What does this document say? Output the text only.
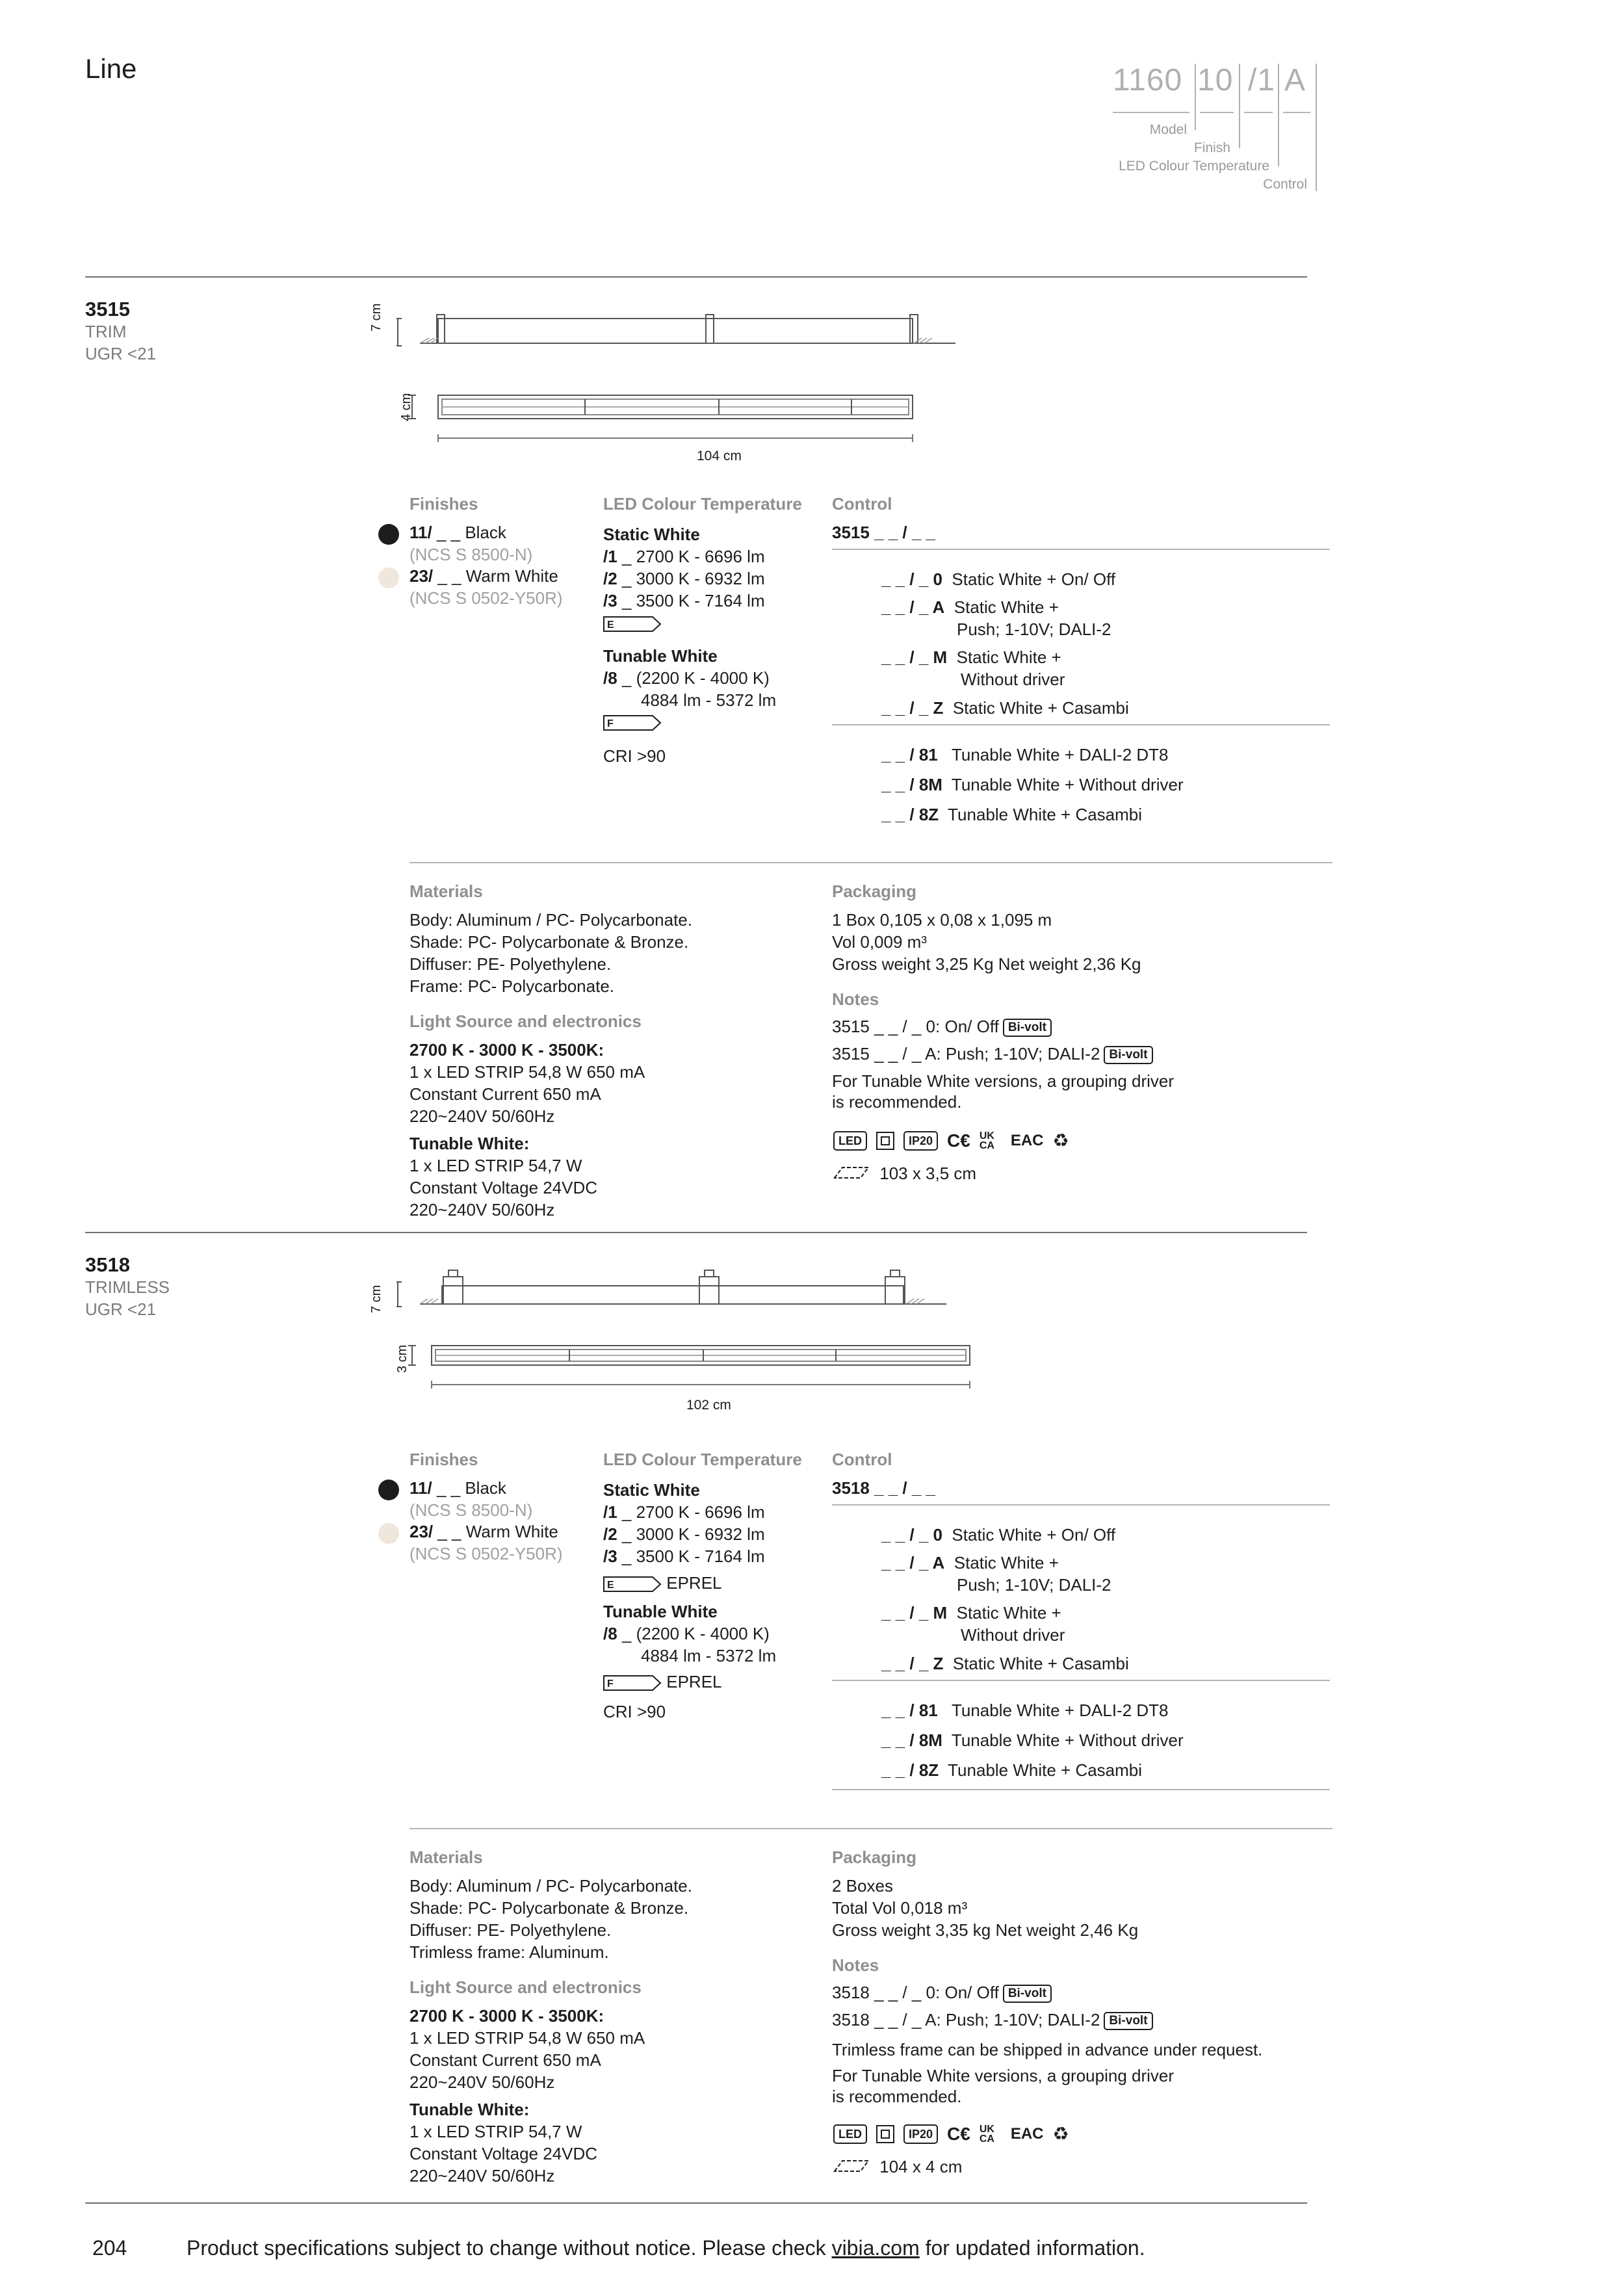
Line	1160 10 /1 A
Model
Finish
LED Colour Temperature
Control
3515
TRIM
UGR <21
7 cm
4 cm
104 cm
Finishes
11/ _ _ Black
(NCS S 8500-N)
23/ _ _ Warm White
(NCS S 0502-Y50R)
LED Colour Temperature
Static White
/1 _ 2700 K - 6696 lm
/2 _ 3000 K - 6932 lm
/3 _ 3500 K - 7164 lm
E
Tunable White
/8 _ (2200 K - 4000 K)
4884 lm - 5372 lm
F
CRI >90
Control
3515 _ _ / _ _
_ _ / _ 0 Static White + On/ Off
_ _ / _ A Static White +
Push; 1-10V; DALI-2
_ _ / _ M Static White +
Without driver
_ _ / _ Z Static White + Casambi
_ _ / 81 Tunable White + DALI-2 DT8
_ _ / 8M Tunable White + Without driver
_ _ / 8Z Tunable White + Casambi
Materials
Body: Aluminum / PC- Polycarbonate.
Shade: PC- Polycarbonate & Bronze.
Diffuser: PE- Polyethylene.
Frame: PC- Polycarbonate.
Light Source and electronics
2700 K - 3000 K - 3500K:
1 x LED STRIP 54,8 W 650 mA
Constant Current 650 mA
220~240V 50/60Hz
Tunable White:
1 x LED STRIP 54,7 W
Constant Voltage 24VDC
220~240V 50/60Hz
Packaging
1 Box 0,105 x 0,08 x 1,095 m
Vol 0,009 m³
Gross weight 3,25 Kg Net weight 2,36 Kg
Notes
3515 _ _ / _ 0: On/ Off Bi-volt
3515 _ _ / _ A: Push; 1-10V; DALI-2 Bi-volt
For Tunable White versions, a grouping driver
is recommended.
LED	IP20 C€ UK CA	EAC ♻
103 x 3,5 cm
3518
TRIMLESS
UGR <21	7 cm
3 cm
102 cm
Finishes
11/ _ _ Black
(NCS S 8500-N)
23/ _ _ Warm White
(NCS S 0502-Y50R)
LED Colour Temperature
Static White
/1 _ 2700 K - 6696 lm
/2 _ 3000 K - 6932 lm
/3 _ 3500 K - 7164 lm
E	EPREL
Tunable White
/8 _ (2200 K - 4000 K)
4884 lm - 5372 lm
F	EPREL
CRI >90
Control
3518 _ _ / _ _
_ _ / _ 0 Static White + On/ Off
_ _ / _ A Static White +
Push; 1-10V; DALI-2
_ _ / _ M Static White +
Without driver
_ _ / _ Z Static White + Casambi
_ _ / 81 Tunable White + DALI-2 DT8
_ _ / 8M Tunable White + Without driver
_ _ / 8Z Tunable White + Casambi
Materials
Body: Aluminum / PC- Polycarbonate.
Shade: PC- Polycarbonate & Bronze.
Diffuser: PE- Polyethylene.
Trimless frame: Aluminum.
Light Source and electronics
2700 K - 3000 K - 3500K:
1 x LED STRIP 54,8 W 650 mA
Constant Current 650 mA
220~240V 50/60Hz
Tunable White:
1 x LED STRIP 54,7 W
Constant Voltage 24VDC
220~240V 50/60Hz
Packaging
2 Boxes
Total Vol 0,018 m³
Gross weight 3,35 kg Net weight 2,46 Kg
Notes
3518 _ _ / _ 0: On/ Off Bi-volt
3518 _ _ / _ A: Push; 1-10V; DALI-2 Bi-volt
Trimless frame can be shipped in advance under request.
For Tunable White versions, a grouping driver
is recommended.
LED	IP20 C€ UK CA	EAC ♻
104 x 4 cm
204	Product specifications subject to change without notice. Please check vibia.com for updated information.
